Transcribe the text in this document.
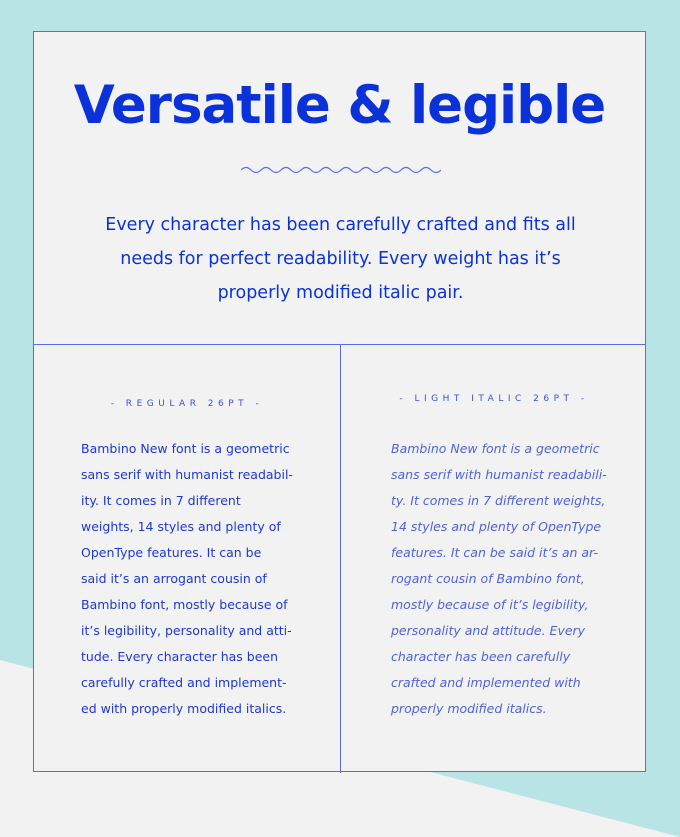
Versatile & legible

Every character has been carefully crafted and fits all
needs for perfect readability. Every weight has it’s
properly modified italic pair.

- REGULAR 26PT -

Bambino New font is a geometric
sans serif with humanist readabil-
ity. It comes in 7 different
weights, 14 styles and plenty of
OpenType features. It can be
said it’s an arrogant cousin of
Bambino font, mostly because of
it’s legibility, personality and atti-
tude. Every character has been
carefully crafted and implement-
ed with properly modified italics.

- LIGHT ITALIC 26PT -

Bambino New font is a geometric
sans serif with humanist readabili-
ty. It comes in 7 different weights,
14 styles and plenty of OpenType
features. It can be said it’s an ar-
rogant cousin of Bambino font,
mostly because of it’s legibility,
personality and attitude. Every
character has been carefully
crafted and implemented with
properly modified italics.
